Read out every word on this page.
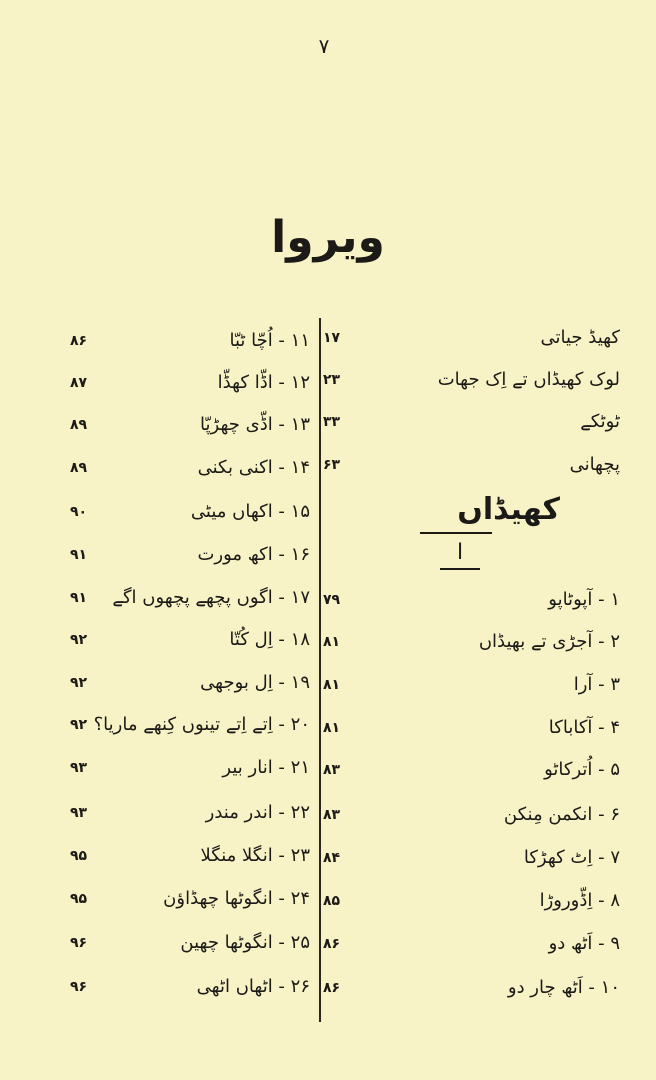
۷
ویروا
کھیڈ جیاتی
۱۷
لوک کھیڈاں تے اِک جھات
۲۳
ٹوٹکے
۳۳
پچھانی
۶۳
کھیڈاں
ا
۱ - آپوٹاپو
۷۹
۲ - آجڑی تے بھیڈاں
۸۱
۳ - آرا
۸۱
۴ - آکاباکا
۸۱
۵ - اُترکاٹو
۸۳
۶ - انکمن مِنکن
۸۳
۷ - اِٹ کھڑکا
۸۴
۸ - اِڈّوروڑا
۸۵
۹ - اَٹھ دو
۸۶
۱۰ - اَٹھ چار دو
۸۶
۱۱ - اُچّا ٹبّا
۸۶
۱۲ - اڈّا کھڈّا
۸۷
۱۳ - اڈّی چھڑپّا
۸۹
۱۴ - اکنی بکنی
۸۹
۱۵ - اکھاں میٹی
۹۰
۱۶ - اکھ مورت
۹۱
۱۷ - اگوں پچھے پچھوں اگے
۹۱
۱۸ - اِل کُتّا
۹۲
۱۹ - اِل بوجھی
۹۲
۲۰ - اِتے اِتے تینوں کِنھے ماریا؟
۹۲
۲۱ - انار بیر
۹۳
۲۲ - اندر مندر
۹۳
۲۳ - انگلا منگلا
۹۵
۲۴ - انگوٹھا چھڈاؤن
۹۵
۲۵ - انگوٹھا چھین
۹۶
۲۶ - اٹھاں اٹھی
۹۶
